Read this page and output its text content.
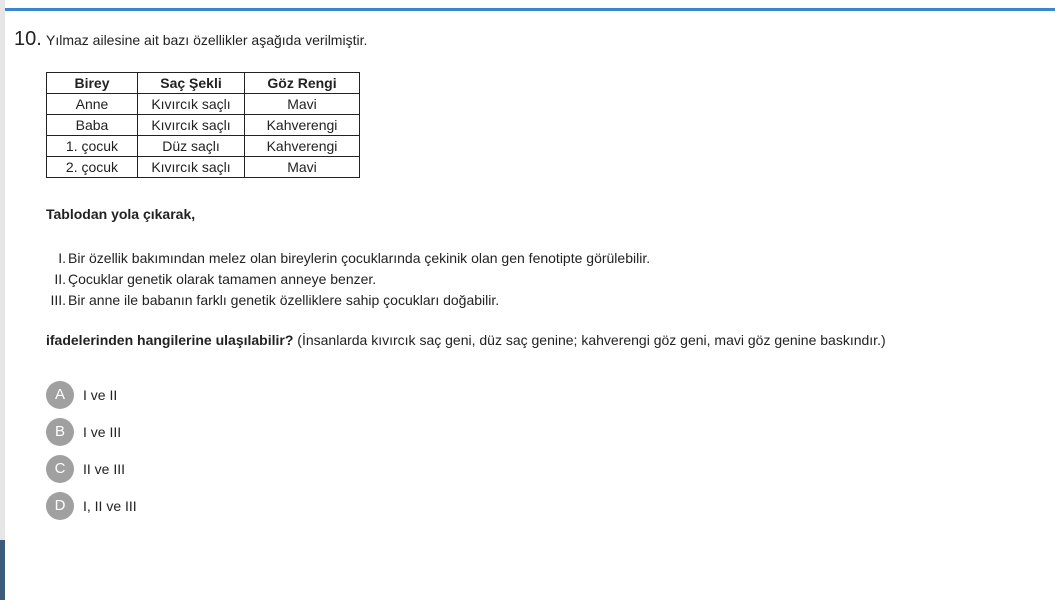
10. Yılmaz ailesine ait bazı özellikler aşağıda verilmiştir.
Birey	Saç Şekli	Göz Rengi
Anne	Kıvırcık saçlı	Mavi
Baba	Kıvırcık saçlı	Kahverengi
1. çocuk	Düz saçlı	Kahverengi
2. çocuk	Kıvırcık saçlı	Mavi
Tablodan yola çıkarak,
I. Bir özellik bakımından melez olan bireylerin çocuklarında çekinik olan gen fenotipte görülebilir.
II. Çocuklar genetik olarak tamamen anneye benzer.
III. Bir anne ile babanın farklı genetik özelliklere sahip çocukları doğabilir.
ifadelerinden hangilerine ulaşılabilir? (İnsanlarda kıvırcık saç geni, düz saç genine; kahverengi göz geni, mavi göz genine baskındır.)
A	I ve II
B	I ve III
C	II ve III
D	I, II ve III
